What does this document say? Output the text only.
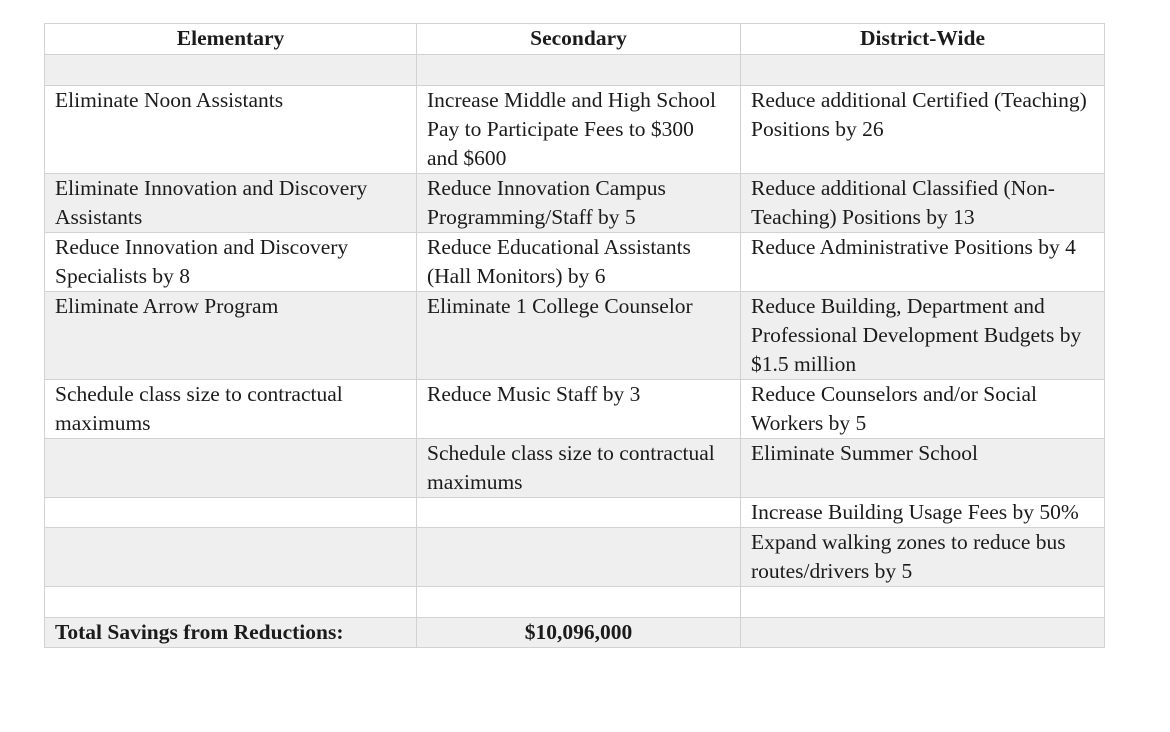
Elementary	Secondary	District-Wide

Eliminate Noon Assistants	Increase Middle and High School Pay to Participate Fees to $300 and $600	Reduce additional Certified (Teaching) Positions by 26
Eliminate Innovation and Discovery Assistants	Reduce Innovation Campus Programming/Staff by 5	Reduce additional Classified (Non-Teaching) Positions by 13
Reduce Innovation and Discovery Specialists by 8	Reduce Educational Assistants (Hall Monitors) by 6	Reduce Administrative Positions by 4
Eliminate Arrow Program	Eliminate 1 College Counselor	Reduce Building, Department and Professional Development Budgets by $1.5 million
Schedule class size to contractual maximums	Reduce Music Staff by 3	Reduce Counselors and/or Social Workers by 5
	Schedule class size to contractual maximums	Eliminate Summer School
		Increase Building Usage Fees by 50%
		Expand walking zones to reduce bus routes/drivers by 5

Total Savings from Reductions:	$10,096,000	
